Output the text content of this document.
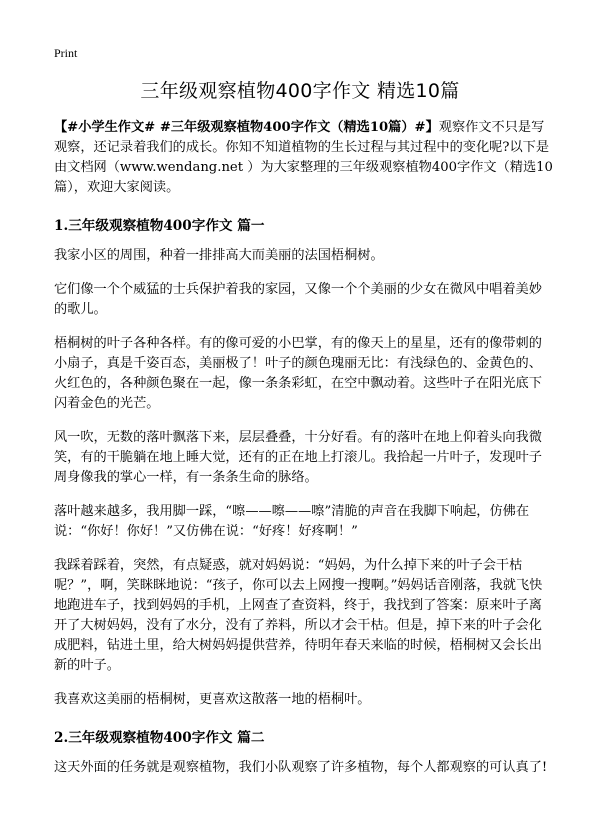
Print
三年级观察植物400字作文 精选10篇

【#小学生作文# #三年级观察植物400字作文（精选10篇）#】观察作文不只是写观察，还记录着我们的成长。你知不知道植物的生长过程与其过程中的变化呢?以下是由文档网（www.wendang.net ）为大家整理的三年级观察植物400字作文（精选10篇），欢迎大家阅读。

1.三年级观察植物400字作文 篇一

我家小区的周围，种着一排排高大而美丽的法国梧桐树。

它们像一个个威猛的士兵保护着我的家园，又像一个个美丽的少女在微风中唱着美妙的歌儿。

梧桐树的叶子各种各样。有的像可爱的小巴掌，有的像天上的星星，还有的像带刺的小扇子，真是千姿百态，美丽极了！叶子的颜色瑰丽无比：有浅绿色的、金黄色的、火红色的，各种颜色聚在一起，像一条条彩虹，在空中飘动着。这些叶子在阳光底下闪着金色的光芒。

风一吹，无数的落叶飘落下来，层层叠叠，十分好看。有的落叶在地上仰着头向我微笑，有的干脆躺在地上睡大觉，还有的正在地上打滚儿。我拾起一片叶子，发现叶子周身像我的掌心一样，有一条条生命的脉络。

落叶越来越多，我用脚一踩，“嚓——嚓——嚓”清脆的声音在我脚下响起，仿佛在说：“你好！你好！”又仿佛在说：“好疼！好疼啊！”

我踩着踩着，突然，有点疑惑，就对妈妈说：“妈妈，为什么掉下来的叶子会干枯呢？”，啊，笑眯眯地说：“孩子，你可以去上网搜一搜啊。”妈妈话音刚落，我就飞快地跑进车子，找到妈妈的手机，上网查了查资料，终于，我找到了答案：原来叶子离开了大树妈妈，没有了水分，没有了养料，所以才会干枯。但是，掉下来的叶子会化成肥料，钻进土里，给大树妈妈提供营养，待明年春天来临的时候，梧桐树又会长出新的叶子。

我喜欢这美丽的梧桐树，更喜欢这散落一地的梧桐叶。

2.三年级观察植物400字作文 篇二

这天外面的任务就是观察植物，我们小队观察了许多植物，每个人都观察的可认真了!
